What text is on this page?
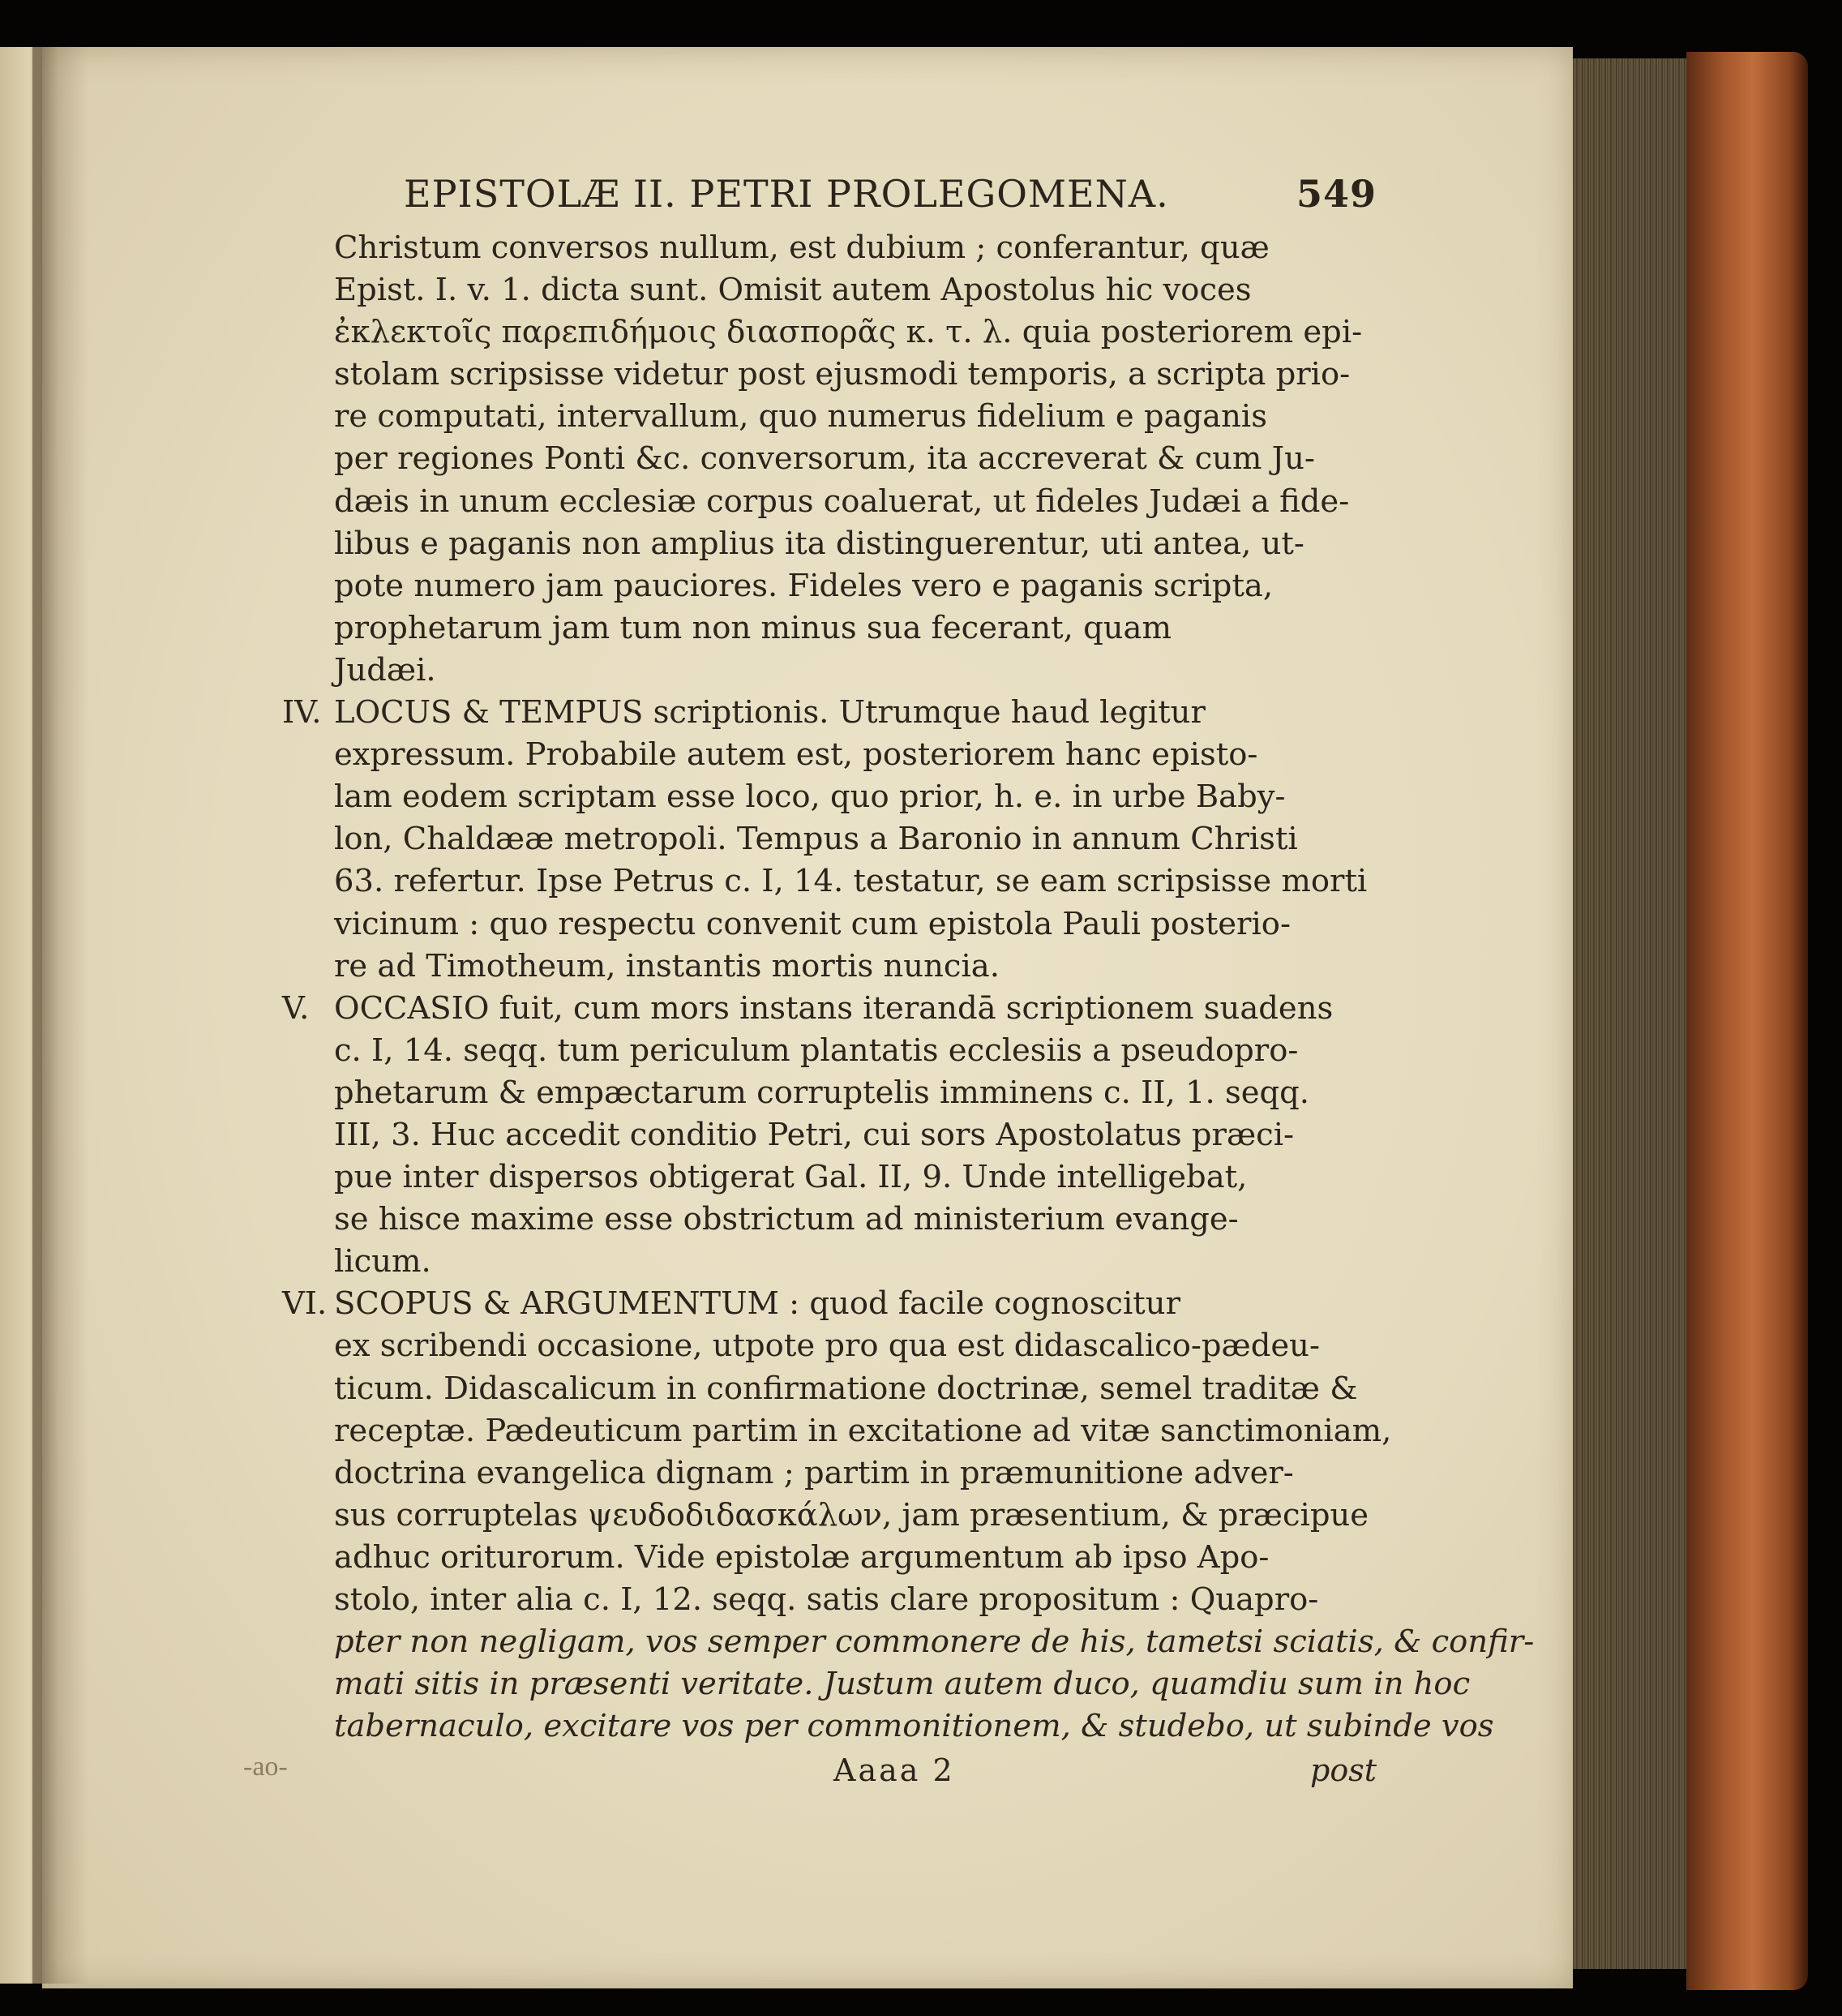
-ao-
EPISTOLÆ II. PETRI PROLEGOMENA.	549
Christum conversos nullum, est dubium ; conferantur, quæ
Epist. I. v. 1. dicta sunt. Omisit autem Apostolus hic voces
ἐκλεκτοῖς παρεπιδήμοις διασπορᾶς κ. τ. λ. quia posteriorem epi-
stolam scripsisse videtur post ejusmodi temporis, a scripta prio-
re computati, intervallum, quo numerus fidelium e paganis
per regiones Ponti &c. conversorum, ita accreverat & cum Ju-
dæis in unum ecclesiæ corpus coaluerat, ut fideles Judæi a fide-
libus e paganis non amplius ita distinguerentur, uti antea, ut-
pote numero jam pauciores. Fideles vero e paganis scripta,
prophetarum jam tum non minus sua fecerant, quam
Judæi.
IV. LOCUS & TEMPUS scriptionis. Utrumque haud legitur
expressum. Probabile autem est, posteriorem hanc episto-
lam eodem scriptam esse loco, quo prior, h. e. in urbe Baby-
lon, Chaldææ metropoli. Tempus a Baronio in annum Christi
63. refertur. Ipse Petrus c. I, 14. testatur, se eam scripsisse morti
vicinum : quo respectu convenit cum epistola Pauli posterio-
re ad Timotheum, instantis mortis nuncia.
V. OCCASIO fuit, cum mors instans iterandā scriptionem suadens
c. I, 14. seqq. tum periculum plantatis ecclesiis a pseudopro-
phetarum & empæctarum corruptelis imminens c. II, 1. seqq.
III, 3. Huc accedit conditio Petri, cui sors Apostolatus præci-
pue inter dispersos obtigerat Gal. II, 9. Unde intelligebat,
se hisce maxime esse obstrictum ad ministerium evange-
licum.
VI. SCOPUS & ARGUMENTUM : quod facile cognoscitur
ex scribendi occasione, utpote pro qua est didascalico-pædeu-
ticum. Didascalicum in confirmatione doctrinæ, semel traditæ &
receptæ. Pædeuticum partim in excitatione ad vitæ sanctimoniam,
doctrina evangelica dignam ; partim in præmunitione adver-
sus corruptelas ψευδοδιδασκάλων, jam præsentium, & præcipue
adhuc oriturorum. Vide epistolæ argumentum ab ipso Apo-
stolo, inter alia c. I, 12. seqq. satis clare propositum : Quapro-
pter non negligam, vos semper commonere de his, tametsi sciatis, & confir-
mati sitis in præsenti veritate. Justum autem duco, quamdiu sum in hoc
tabernaculo, excitare vos per commonitionem, & studebo, ut subinde vos
Aaaa 2	post
